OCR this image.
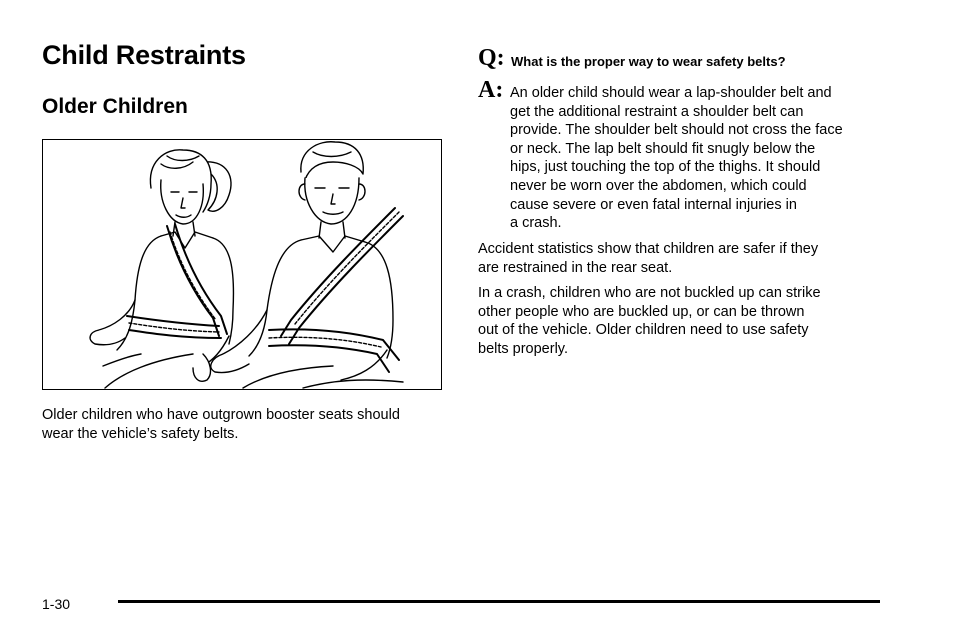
Child Restraints
Older Children

Older children who have outgrown booster seats should
wear the vehicle’s safety belts.

Q: What is the proper way to wear safety belts?

A: An older child should wear a lap-shoulder belt and
get the additional restraint a shoulder belt can
provide. The shoulder belt should not cross the face
or neck. The lap belt should fit snugly below the
hips, just touching the top of the thighs. It should
never be worn over the abdomen, which could
cause severe or even fatal internal injuries in
a crash.

Accident statistics show that children are safer if they
are restrained in the rear seat.

In a crash, children who are not buckled up can strike
other people who are buckled up, or can be thrown
out of the vehicle. Older children need to use safety
belts properly.

1-30
